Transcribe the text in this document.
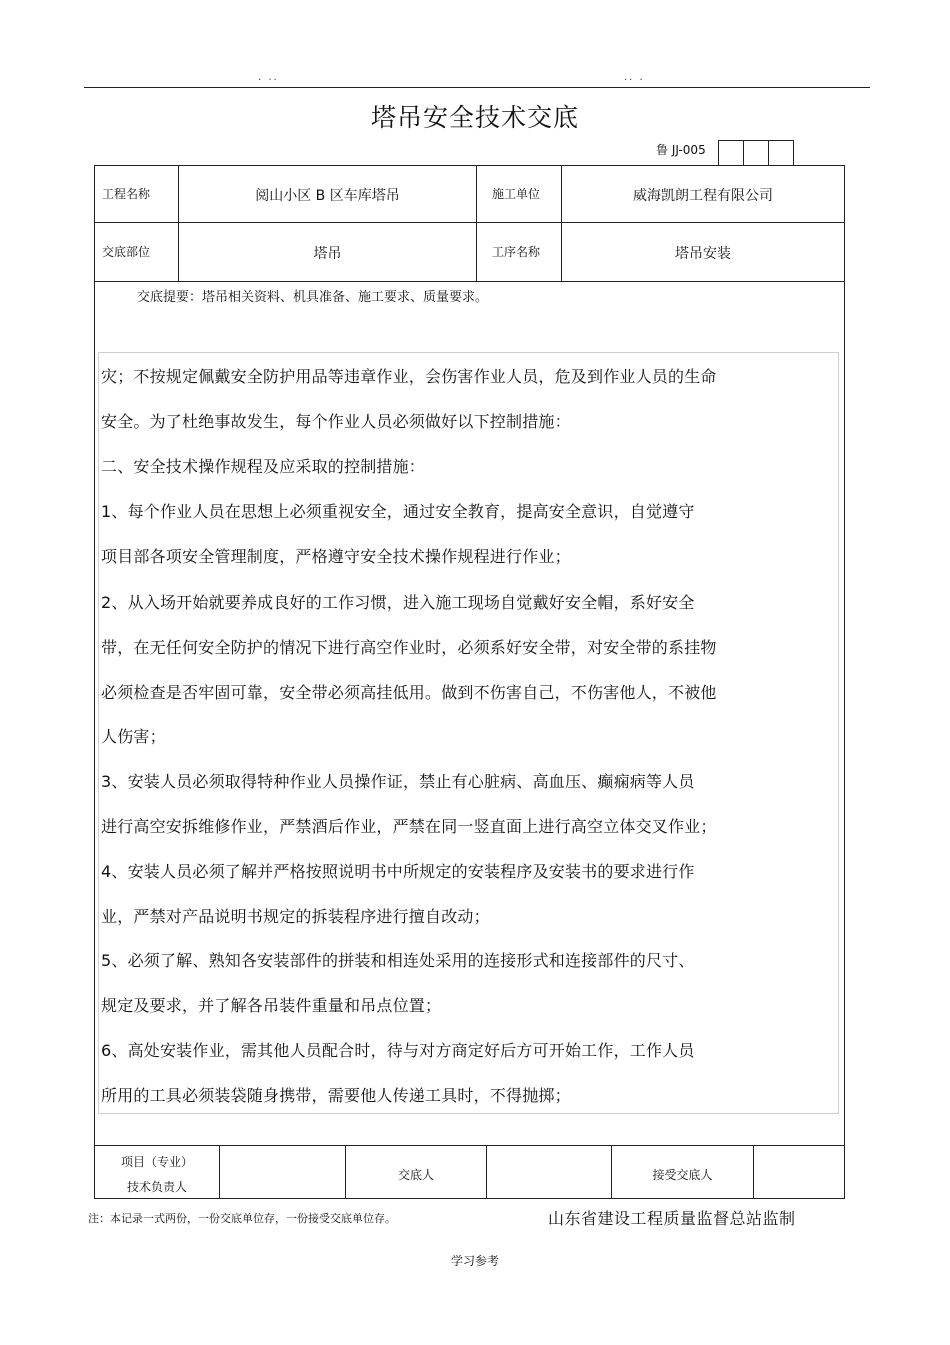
. ..	.. .
塔吊安全技术交底
鲁 JJ-005
工程名称	阅山小区 B 区车库塔吊	施工单位	威海凯朗工程有限公司
交底部位	塔吊	工序名称	塔吊安装
交底提要：塔吊相关资料、机具准备、施工要求、质量要求。
灾；不按规定佩戴安全防护用品等违章作业，会伤害作业人员，危及到作业人员的生命
安全。为了杜绝事故发生，每个作业人员必须做好以下控制措施：
二、安全技术操作规程及应采取的控制措施：
1、每个作业人员在思想上必须重视安全，通过安全教育，提高安全意识，自觉遵守
项目部各项安全管理制度，严格遵守安全技术操作规程进行作业；
2、从入场开始就要养成良好的工作习惯，进入施工现场自觉戴好安全帽，系好安全
带，在无任何安全防护的情况下进行高空作业时，必须系好安全带，对安全带的系挂物
必须检查是否牢固可靠，安全带必须高挂低用。做到不伤害自己，不伤害他人，不被他
人伤害；
3、安装人员必须取得特种作业人员操作证，禁止有心脏病、高血压、癫痫病等人员
进行高空安拆维修作业，严禁酒后作业，严禁在同一竖直面上进行高空立体交叉作业；
4、安装人员必须了解并严格按照说明书中所规定的安装程序及安装书的要求进行作
业，严禁对产品说明书规定的拆装程序进行擅自改动；
5、必须了解、熟知各安装部件的拼装和相连处采用的连接形式和连接部件的尺寸、
规定及要求，并了解各吊装件重量和吊点位置；
6、高处安装作业，需其他人员配合时，待与对方商定好后方可开始工作，工作人员
所用的工具必须装袋随身携带，需要他人传递工具时，不得抛掷；
项目（专业）
技术负责人
交底人	接受交底人
注：本记录一式两份，一份交底单位存，一份接受交底单位存。	山东省建设工程质量监督总站监制
学习参考
